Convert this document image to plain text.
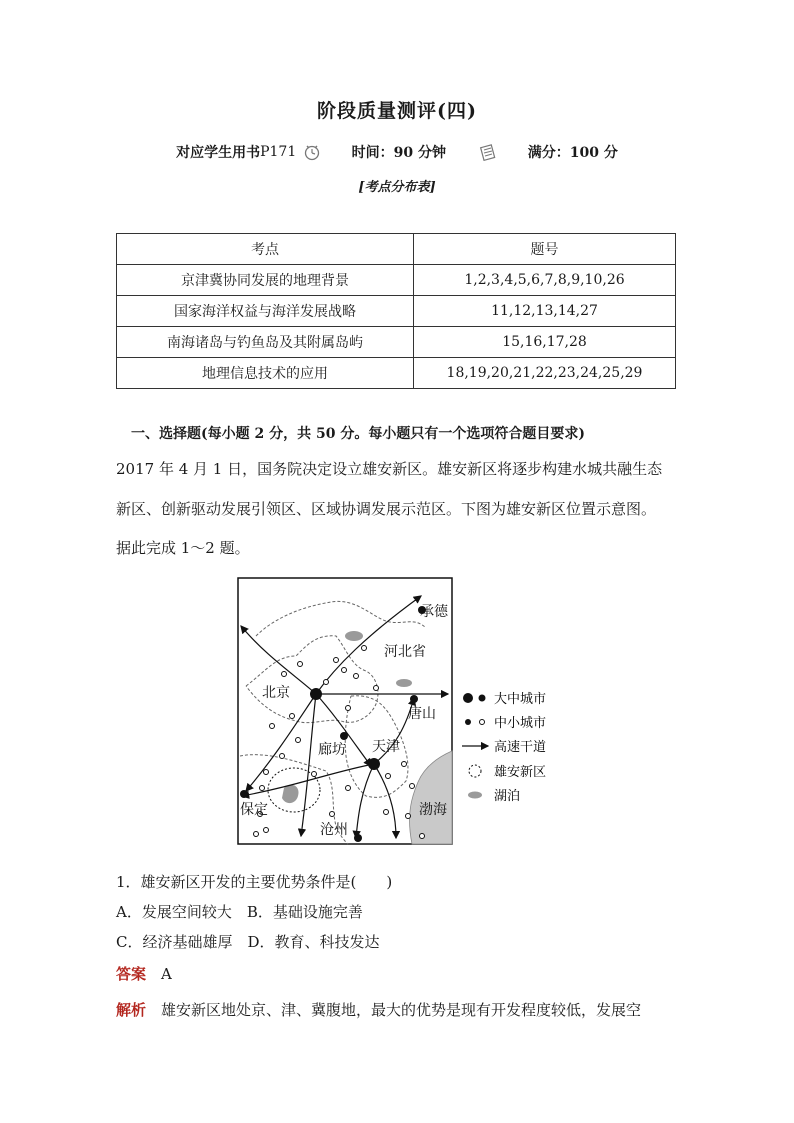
阶段质量测评(四)
对应学生用书P171	时间：90 分钟	满分：100 分
[考点分布表]
考点	题号
京津冀协同发展的地理背景	1,2,3,4,5,6,7,8,9,10,26
国家海洋权益与海洋发展战略	11,12,13,14,27
南海诸岛与钓鱼岛及其附属岛屿	15,16,17,28
地理信息技术的应用	18,19,20,21,22,23,24,25,29
一、选择题(每小题 2 分，共 50 分。每小题只有一个选项符合题目要求)
2017 年 4 月 1 日，国务院决定设立雄安新区。雄安新区将逐步构建水城共融生态
新区、创新驱动发展引领区、区域协调发展示范区。下图为雄安新区位置示意图。
据此完成 1～2 题。
承德
河北省
北京
唐山
廊坊 天津
保定
沧州
渤海
大中城市
中小城市
高速干道
雄安新区
湖泊
1．雄安新区开发的主要优势条件是(　　)
A．发展空间较大　B．基础设施完善
C．经济基础雄厚　D．教育、科技发达
答案　 A
解析　 雄安新区地处京、津、冀腹地，最大的优势是现有开发程度较低，发展空
